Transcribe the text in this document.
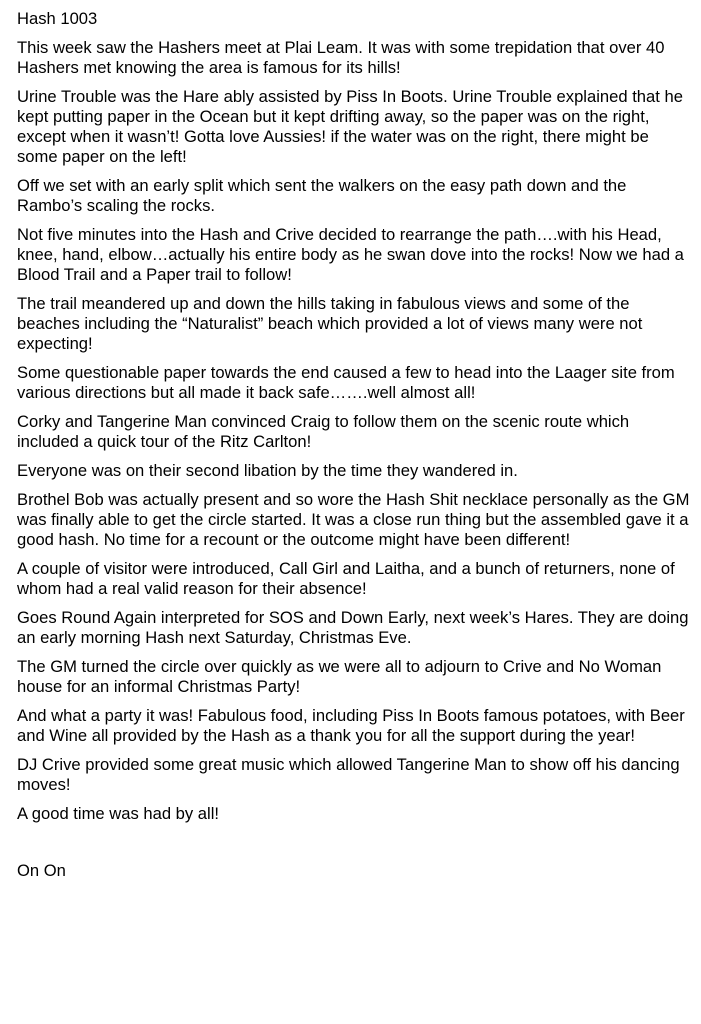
Hash 1003
This week saw the Hashers meet at Plai Leam. It was with some trepidation that over 40 Hashers met knowing the area is famous for its hills!
Urine Trouble was the Hare ably assisted by Piss In Boots. Urine Trouble explained that he kept putting paper in the Ocean but it kept drifting away, so the paper was on the right, except when it wasn’t! Gotta love Aussies! if the water was on the right, there might be some paper on the left!
Off we set with an early split which sent the walkers on the easy path down and the Rambo’s scaling the rocks.
Not five minutes into the Hash and Crive decided to rearrange the path….with his Head, knee, hand, elbow…actually his entire body as he swan dove into the rocks! Now we had a Blood Trail and a Paper trail to follow!
The trail meandered up and down the hills taking in fabulous views and some of the beaches including the “Naturalist” beach which provided a lot of views many were not expecting!
Some questionable paper towards the end caused a few to head into the Laager site from various directions but all made it back safe…….well almost all!
Corky and Tangerine Man convinced Craig to follow them on the scenic route which included a quick tour of the Ritz Carlton!
Everyone was on their second libation by the time they wandered in.
Brothel Bob was actually present and so wore the Hash Shit necklace personally as the GM was finally able to get the circle started. It was a close run thing but the assembled gave it a good hash. No time for a recount or the outcome might have been different!
A couple of visitor were introduced, Call Girl and Laitha, and a bunch of returners, none of whom had a real valid reason for their absence!
Goes Round Again interpreted for SOS and Down Early, next week’s Hares. They are doing an early morning Hash next Saturday, Christmas Eve.
The GM turned the circle over quickly as we were all to adjourn to Crive and No Woman house for an informal Christmas Party!
And what a party it was! Fabulous food, including Piss In Boots famous potatoes, with Beer and Wine all provided by the Hash as a thank you for all the support during the year!
DJ Crive provided some great music which allowed Tangerine Man to show off his dancing moves!
A good time was had by all!
On On
